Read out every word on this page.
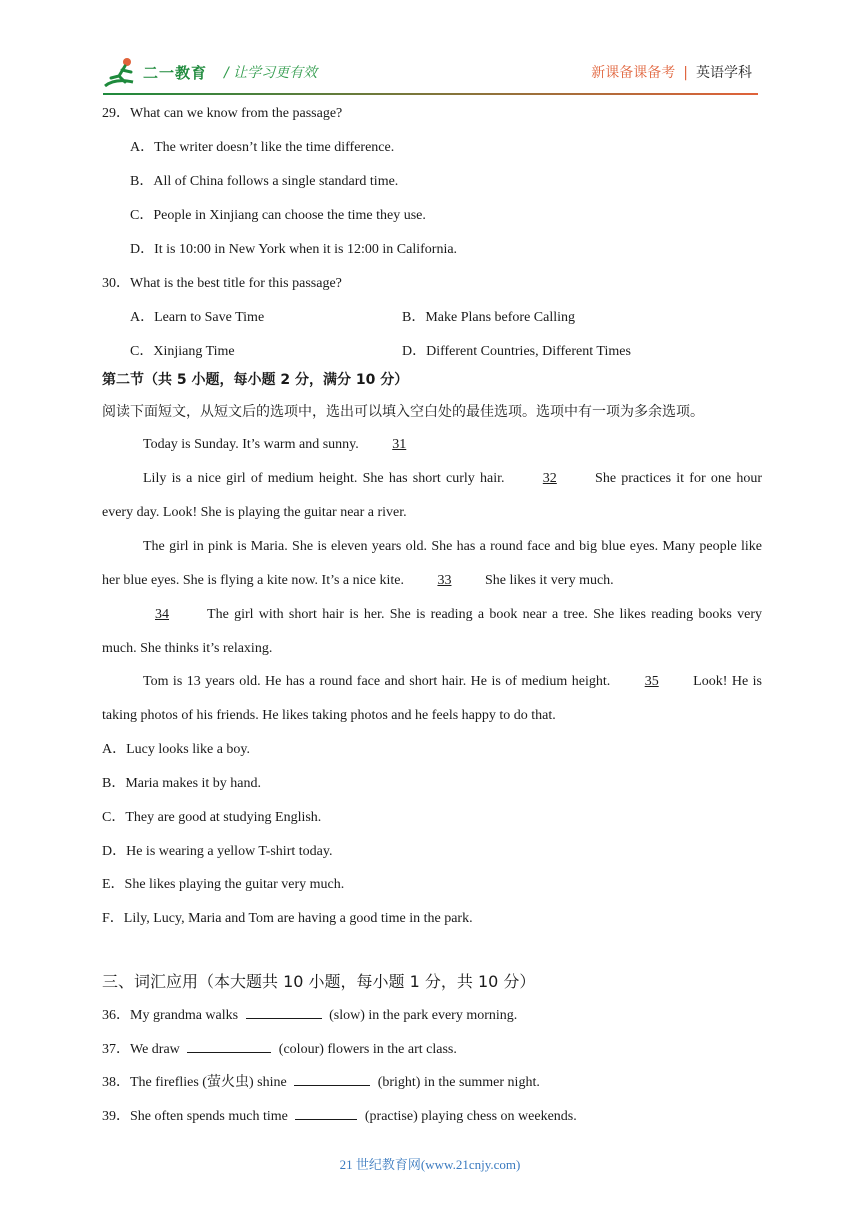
二一教育 / 让学习更有效	新课备课备考 | 英语学科
29．What can we know from the passage?
A．The writer doesn’t like the time difference.
B．All of China follows a single standard time.
C．People in Xinjiang can choose the time they use.
D．It is 10:00 in New York when it is 12:00 in California.
30．What is the best title for this passage?
A．Learn to Save Time	B．Make Plans before Calling
C．Xinjiang Time	D．Different Countries, Different Times
第二节（共 5 小题，每小题 2 分，满分 10 分）
阅读下面短文，从短文后的选项中，选出可以填入空白处的最佳选项。选项中有一项为多余选项。
Today is Sunday. It’s warm and sunny. 31
Lily is a nice girl of medium height. She has short curly hair.	32	She practices it for one hour every day. Look! She is playing the guitar near a river.
The girl in pink is Maria. She is eleven years old. She has a round face and big blue eyes. Many people like her blue eyes. She is flying a kite now. It’s a nice kite. 33 She likes it very much.
34	The girl with short hair is her. She is reading a book near a tree. She likes reading books very much. She thinks it’s relaxing.
Tom is 13 years old. He has a round face and short hair. He is of medium height. 35 Look! He is taking photos of his friends. He likes taking photos and he feels happy to do that.
A．Lucy looks like a boy.
B．Maria makes it by hand.
C．They are good at studying English.
D．He is wearing a yellow T-shirt today.
E．She likes playing the guitar very much.
F．Lily, Lucy, Maria and Tom are having a good time in the park.
三、词汇应用（本大题共 10 小题，每小题 1 分，共 10 分）
36．My grandma walks	(slow) in the park every morning.
37．We draw	(colour) flowers in the art class.
38．The fireflies (萤火虫) shine	(bright) in the summer night.
39．She often spends much time	(practise) playing chess on weekends.
21 世纪教育网(www.21cnjy.com)
